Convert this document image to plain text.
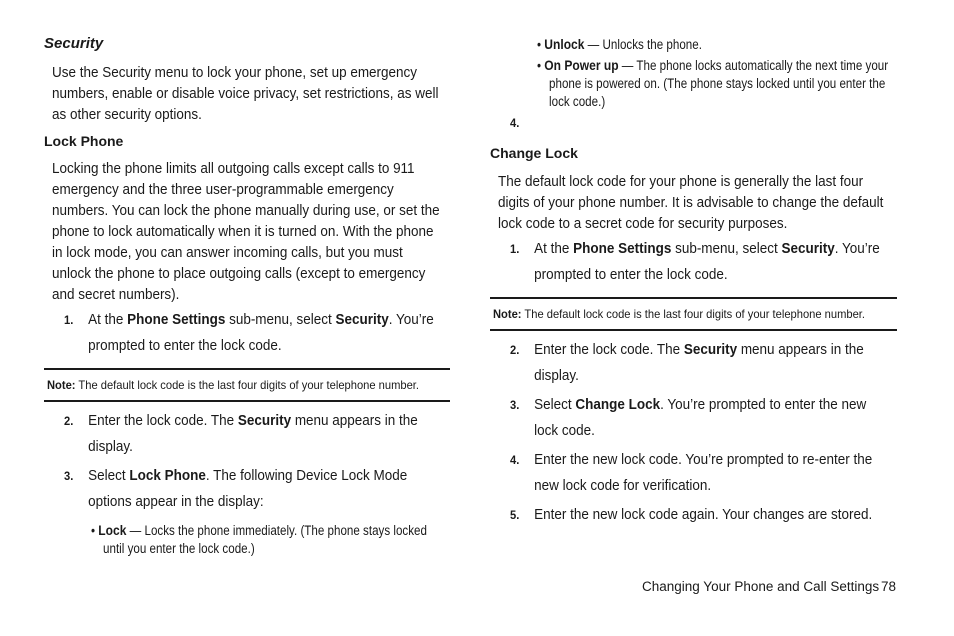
Security
Use the Security menu to lock your phone, set up emergency
numbers, enable or disable voice privacy, set restrictions, as well
as other security options.
Lock Phone
Locking the phone limits all outgoing calls except calls to 911
emergency and the three user-programmable emergency
numbers. You can lock the phone manually during use, or set the
phone to lock automatically when it is turned on. With the phone
in lock mode, you can answer incoming calls, but you must
unlock the phone to place outgoing calls (except to emergency
and secret numbers).
1. At the Phone Settings sub-menu, select Security. You’re
prompted to enter the lock code.
Note: The default lock code is the last four digits of your telephone number.
2. Enter the lock code. The Security menu appears in the
display.
3. Select Lock Phone. The following Device Lock Mode
options appear in the display:
• Lock — Locks the phone immediately. (The phone stays locked
until you enter the lock code.)
• Unlock — Unlocks the phone.
• On Power up — The phone locks automatically the next time your
phone is powered on. (The phone stays locked until you enter the
lock code.)
4.
Change Lock
The default lock code for your phone is generally the last four
digits of your phone number. It is advisable to change the default
lock code to a secret code for security purposes.
1. At the Phone Settings sub-menu, select Security. You’re
prompted to enter the lock code.
Note: The default lock code is the last four digits of your telephone number.
2. Enter the lock code. The Security menu appears in the
display.
3. Select Change Lock. You’re prompted to enter the new
lock code.
4. Enter the new lock code. You’re prompted to re-enter the
new lock code for verification.
5. Enter the new lock code again. Your changes are stored.
Changing Your Phone and Call Settings 78
